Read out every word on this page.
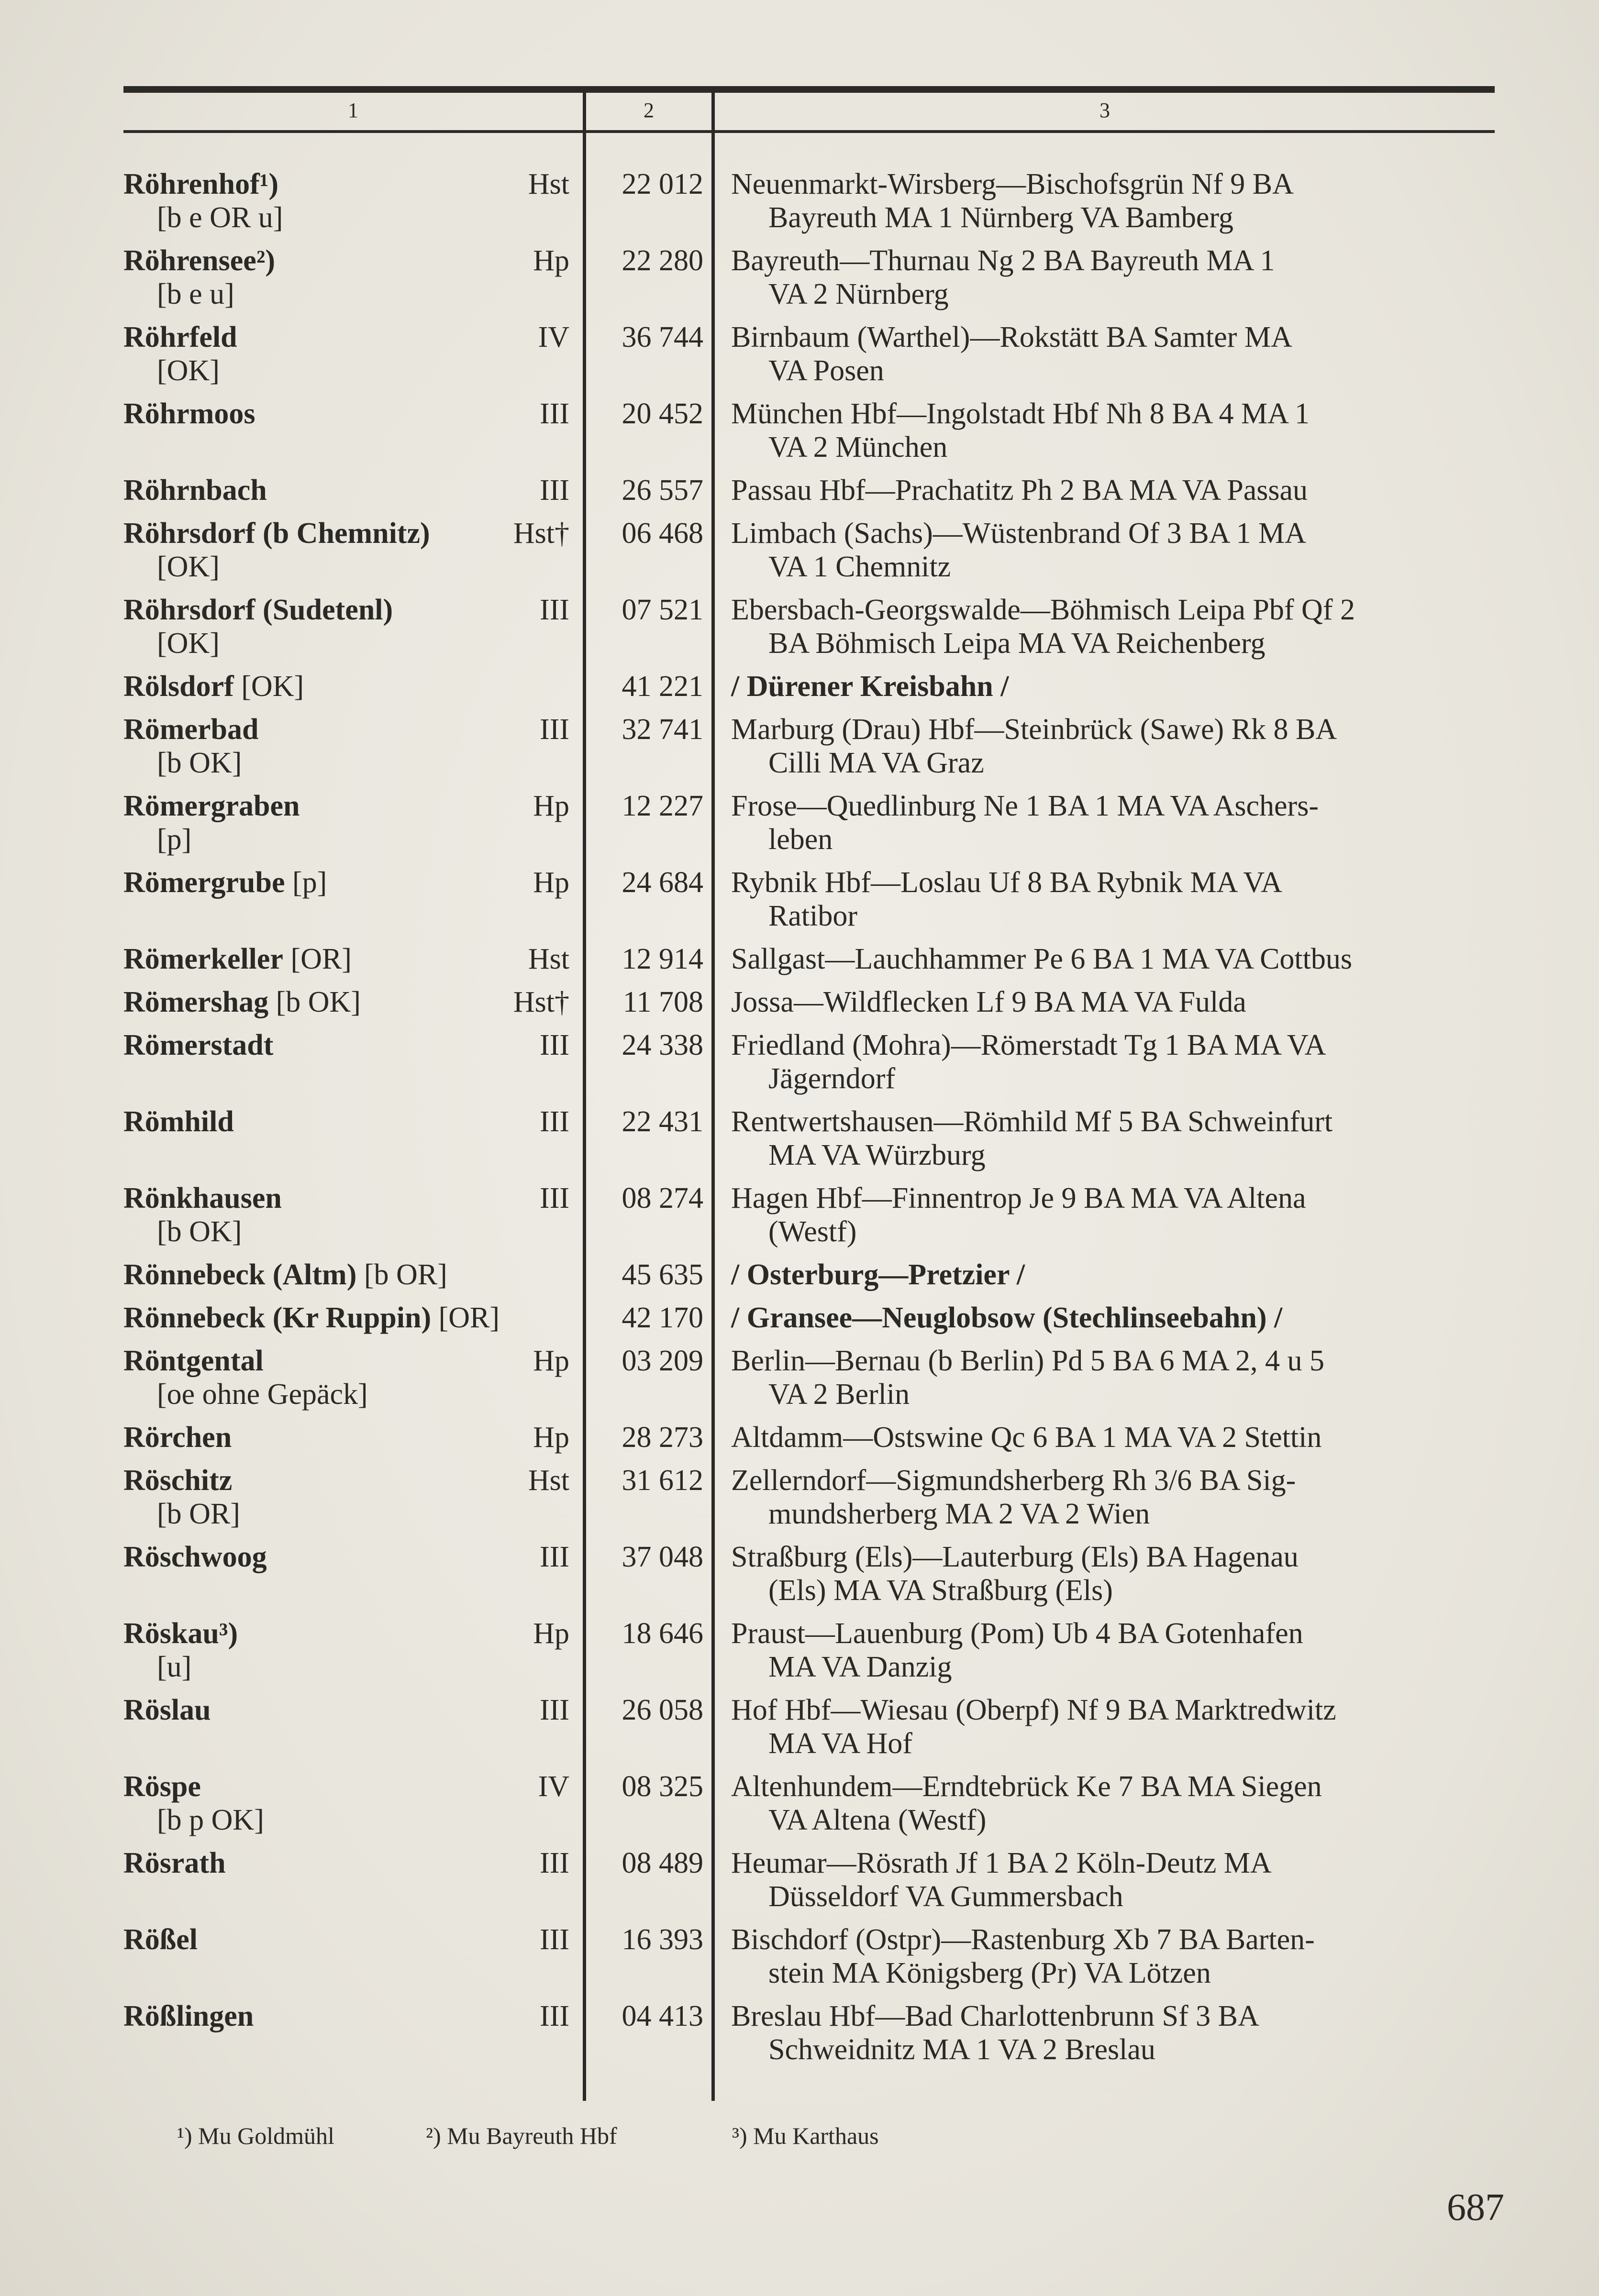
1	2	3
Röhrenhof¹)
[b e OR u]
Hst	22 012 Neuenmarkt-Wirsberg—Bischofsgrün Nf 9 BA
Bayreuth MA 1 Nürnberg VA Bamberg
Röhrensee²)
[b e u]
Hp	22 280 Bayreuth—Thurnau Ng 2 BA Bayreuth MA 1
VA 2 Nürnberg
Röhrfeld
[OK]
IV	36 744 Birnbaum (Warthel)—Rokstätt BA Samter MA
VA Posen
Röhrmoos	III	20 452 München Hbf—Ingolstadt Hbf Nh 8 BA 4 MA 1
VA 2 München
Röhrnbach	III	26 557 Passau Hbf—Prachatitz Ph 2 BA MA VA Passau
Röhrsdorf (b Chemnitz)
[OK]
Hst†	06 468 Limbach (Sachs)—Wüstenbrand Of 3 BA 1 MA
VA 1 Chemnitz
Röhrsdorf (Sudetenl)
[OK]
III	07 521 Ebersbach-Georgswalde—Böhmisch Leipa Pbf Qf 2
BA Böhmisch Leipa MA VA Reichenberg
Rölsdorf [OK]	41 221 / Dürener Kreisbahn /
Römerbad
[b OK]
III	32 741 Marburg (Drau) Hbf—Steinbrück (Sawe) Rk 8 BA
Cilli MA VA Graz
Römergraben
[p]
Hp	12 227 Frose—Quedlinburg Ne 1 BA 1 MA VA Aschers-
leben
Römergrube [p]	Hp	24 684 Rybnik Hbf—Loslau Uf 8 BA Rybnik MA VA
Ratibor
Römerkeller [OR]	Hst	12 914 Sallgast—Lauchhammer Pe 6 BA 1 MA VA Cottbus
Römershag [b OK]	Hst†	11 708 Jossa—Wildflecken Lf 9 BA MA VA Fulda
Römerstadt	III	24 338 Friedland (Mohra)—Römerstadt Tg 1 BA MA VA
Jägerndorf
Römhild	III	22 431 Rentwertshausen—Römhild Mf 5 BA Schweinfurt
MA VA Würzburg
Rönkhausen
[b OK]
III	08 274 Hagen Hbf—Finnentrop Je 9 BA MA VA Altena
(Westf)
Rönnebeck (Altm) [b OR]	45 635 / Osterburg—Pretzier /
Rönnebeck (Kr Ruppin) [OR]	42 170 / Gransee—Neuglobsow (Stechlinseebahn) /
Röntgental
[oe ohne Gepäck]
Hp	03 209 Berlin—Bernau (b Berlin) Pd 5 BA 6 MA 2, 4 u 5
VA 2 Berlin
Rörchen	Hp	28 273 Altdamm—Ostswine Qc 6 BA 1 MA VA 2 Stettin
Röschitz
[b OR]
Hst	31 612 Zellerndorf—Sigmundsherberg Rh 3/6 BA Sig-
mundsherberg MA 2 VA 2 Wien
Röschwoog	III	37 048 Straßburg (Els)—Lauterburg (Els) BA Hagenau
(Els) MA VA Straßburg (Els)
Röskau³)
[u]
Hp	18 646 Praust—Lauenburg (Pom) Ub 4 BA Gotenhafen
MA VA Danzig
Röslau	III	26 058 Hof Hbf—Wiesau (Oberpf) Nf 9 BA Marktredwitz
MA VA Hof
Röspe
[b p OK]
IV	08 325 Altenhundem—Erndtebrück Ke 7 BA MA Siegen
VA Altena (Westf)
Rösrath	III	08 489 Heumar—Rösrath Jf 1 BA 2 Köln-Deutz MA
Düsseldorf VA Gummersbach
Rößel	III	16 393 Bischdorf (Ostpr)—Rastenburg Xb 7 BA Barten-
stein MA Königsberg (Pr) VA Lötzen
Rößlingen	III	04 413 Breslau Hbf—Bad Charlottenbrunn Sf 3 BA
Schweidnitz MA 1 VA 2 Breslau
¹) Mu Goldmühl	²) Mu Bayreuth Hbf	³) Mu Karthaus
687
